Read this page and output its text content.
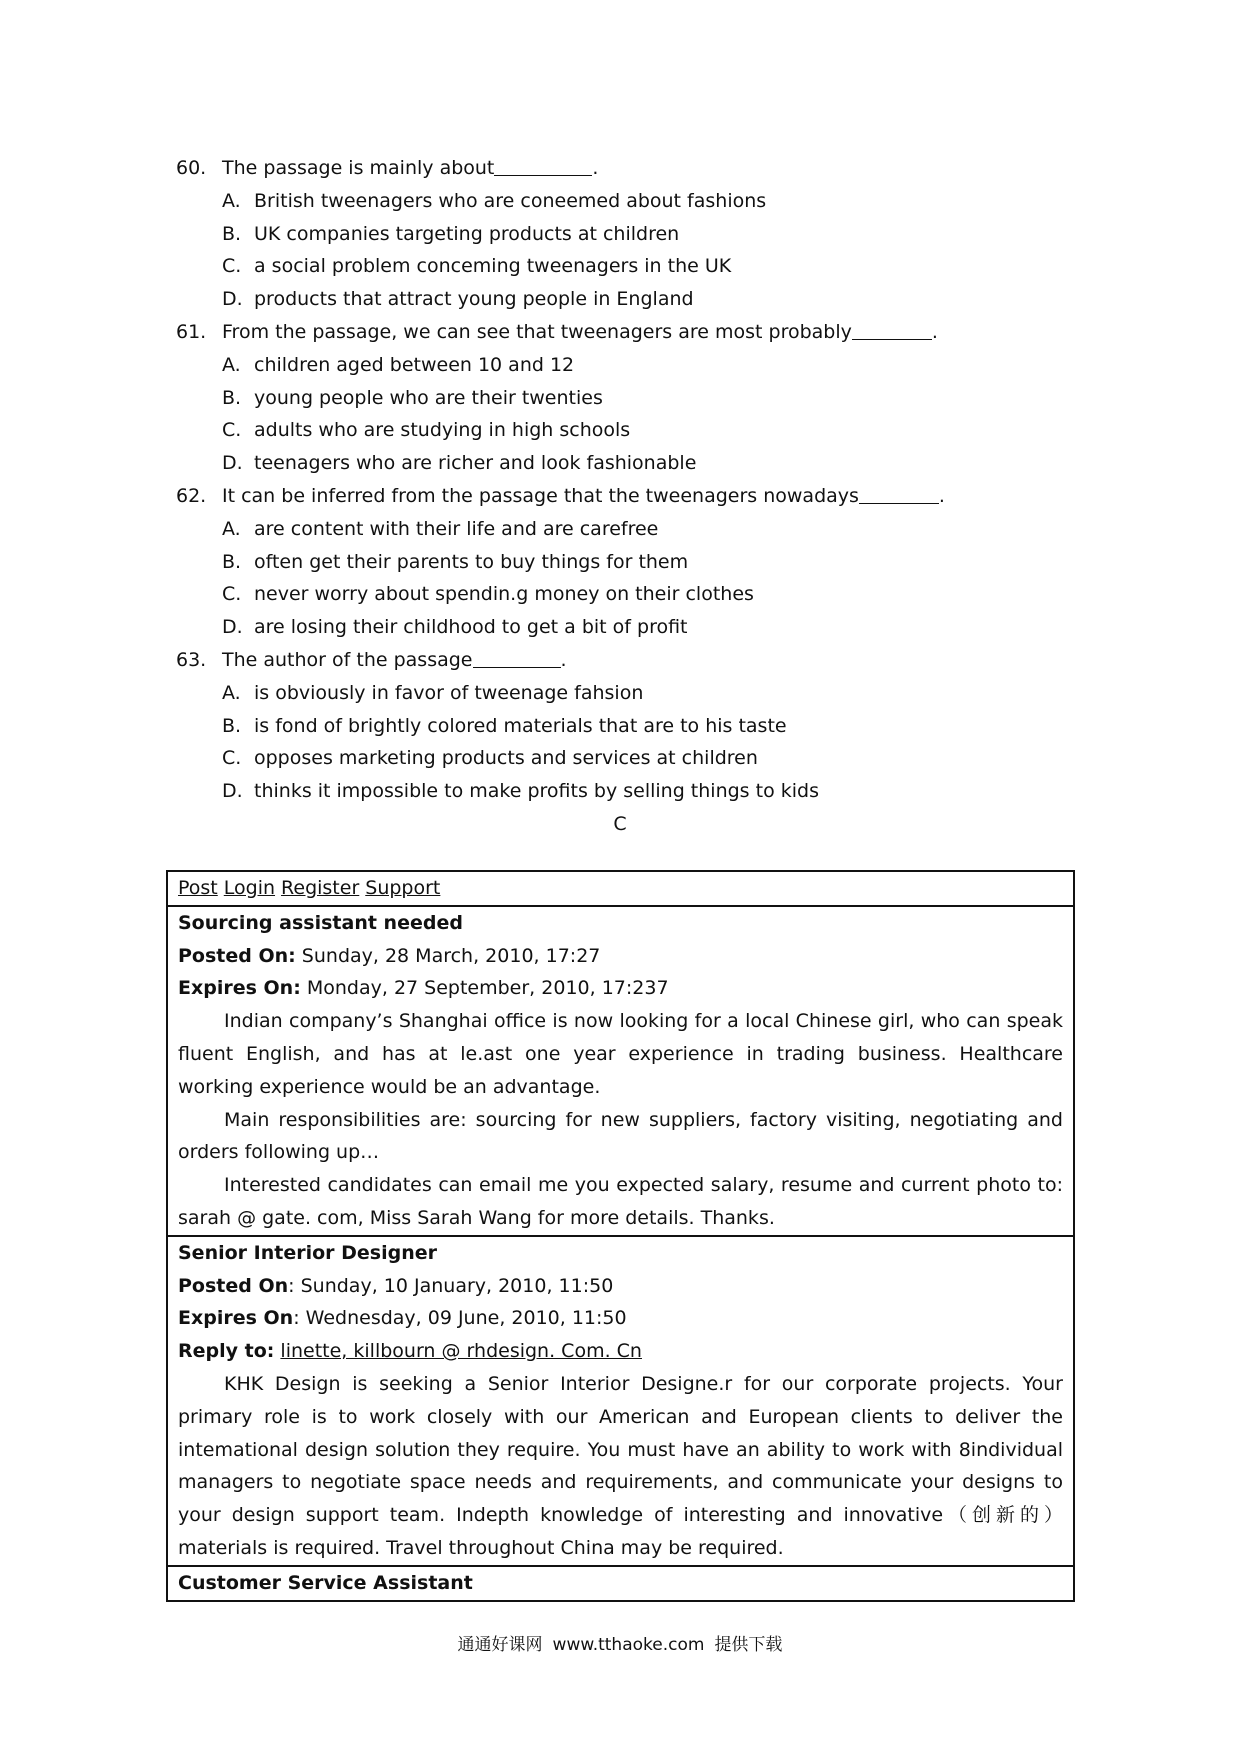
60. The passage is mainly about	.
A. British tweenagers who are coneemed about fashions
B. UK companies targeting products at children
C. a social problem conceming tweenagers in the UK
D. products that attract young people in England
61. From the passage, we can see that tweenagers are most probably	.
A. children aged between 10 and 12
B. young people who are their twenties
C. adults who are studying in high schools
D. teenagers who are richer and look fashionable
62. It can be inferred from the passage that the tweenagers nowadays	.
A. are content with their life and are carefree
B. often get their parents to buy things for them
C. never worry about spendin.g money on their clothes
D. are losing their childhood to get a bit of profit
63. The author of the passage	.
A. is obviously in favor of tweenage fahsion
B. is fond of brightly colored materials that are to his taste
C. opposes marketing products and services at children
D. thinks it impossible to make profits by selling things to kids
C
Post Login Register Support
Sourcing assistant needed
Posted On: Sunday, 28 March, 2010, 17:27
Expires On: Monday, 27 September, 2010, 17:237

Indian company’s Shanghai office is now looking for a local Chinese girl, who can speak fluent English, and has at le.ast one year experience in trading business. Healthcare working experience would be an advantage.

Main responsibilities are: sourcing for new suppliers, factory visiting, negotiating and orders following up…

Interested candidates can email me you expected salary, resume and current photo to: sarah @ gate. com, Miss Sarah Wang for more details. Thanks.

Senior Interior Designer
Posted On: Sunday, 10 January, 2010, 11:50
Expires On: Wednesday, 09 June, 2010, 11:50
Reply to: linette, killbourn @ rhdesign. Com. Cn

KHK Design is seeking a Senior Interior Designe.r for our corporate projects. Your primary role is to work closely with our American and European clients to deliver the intemational design solution they require. You must have an ability to work with 8individual managers to negotiate space needs and requirements, and communicate your designs to your design support team. Indepth knowledge of interesting and innovative（创新的）materials is required. Travel throughout China may be required.

Customer Service Assistant
通通好课网 www.tthaoke.com 提供下载
